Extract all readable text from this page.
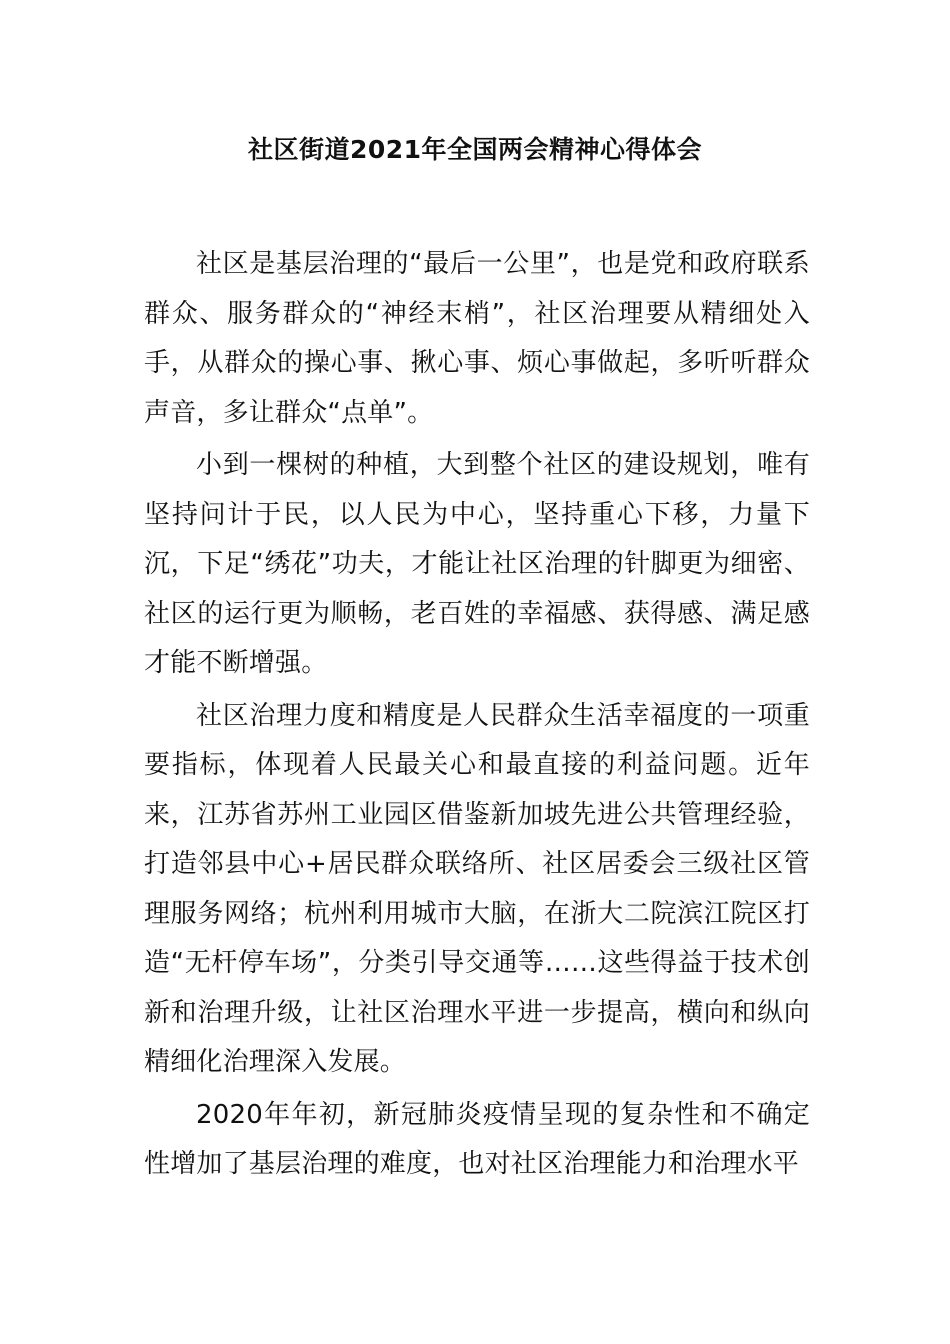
社区街道2021年全国两会精神心得体会

社区是基层治理的“最后一公里”，也是党和政府联系群众、服务群众的“神经末梢”，社区治理要从精细处入手，从群众的操心事、揪心事、烦心事做起，多听听群众声音，多让群众“点单”。

小到一棵树的种植，大到整个社区的建设规划，唯有坚持问计于民，以人民为中心，坚持重心下移，力量下沉，下足“绣花”功夫，才能让社区治理的针脚更为细密、社区的运行更为顺畅，老百姓的幸福感、获得感、满足感才能不断增强。

社区治理力度和精度是人民群众生活幸福度的一项重要指标，体现着人民最关心和最直接的利益问题。近年来，江苏省苏州工业园区借鉴新加坡先进公共管理经验，打造邻县中心+居民群众联络所、社区居委会三级社区管理服务网络；杭州利用城市大脑，在浙大二院滨江院区打造“无杆停车场”，分类引导交通等……这些得益于技术创新和治理升级，让社区治理水平进一步提高，横向和纵向精细化治理深入发展。

2020年年初，新冠肺炎疫情呈现的复杂性和不确定性增加了基层治理的难度，也对社区治理能力和治理水平
